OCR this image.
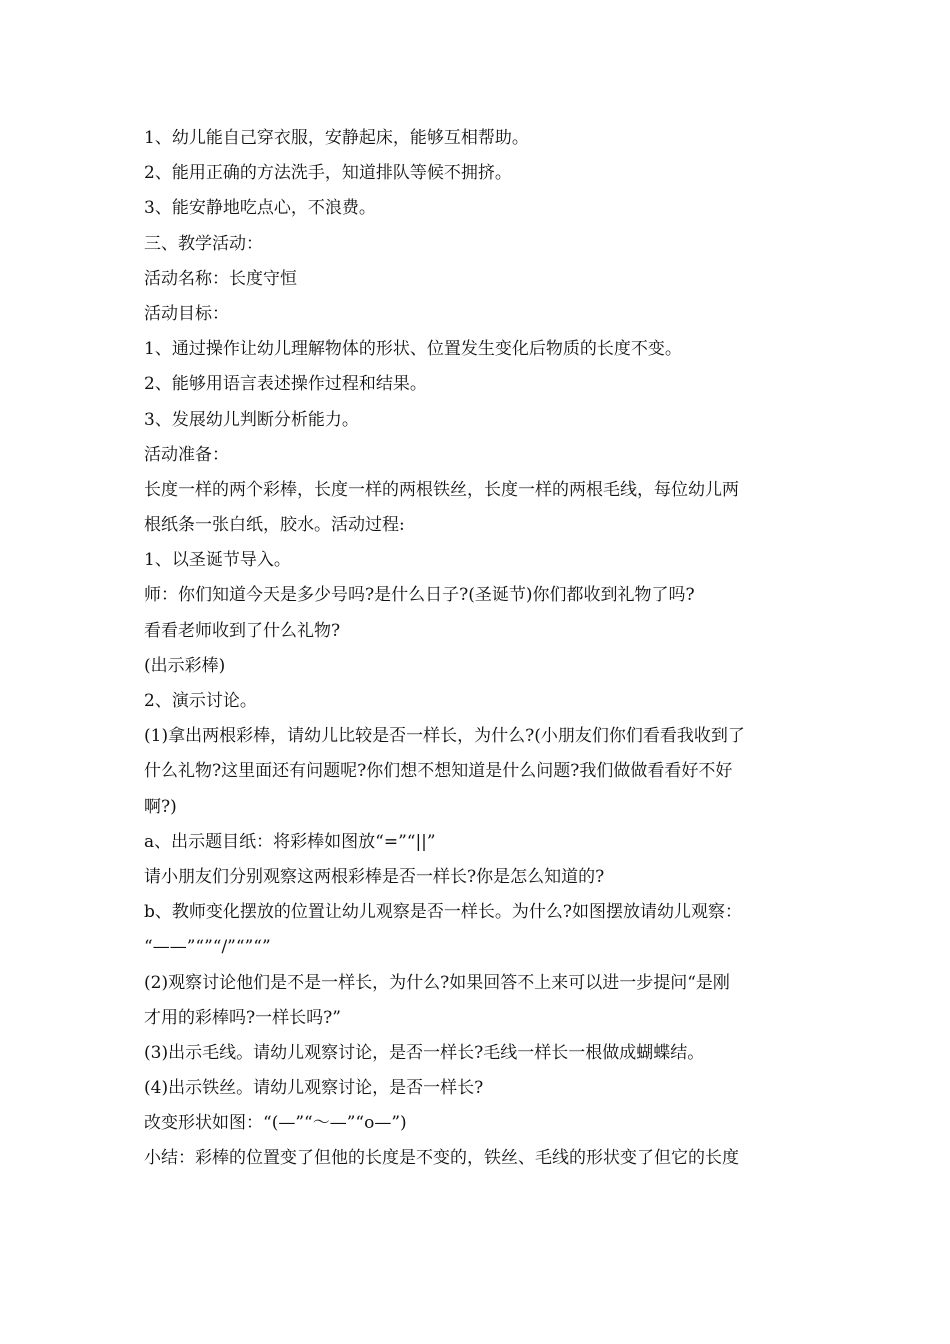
1、幼儿能自己穿衣服，安静起床，能够互相帮助。
2、能用正确的方法洗手，知道排队等候不拥挤。
3、能安静地吃点心，不浪费。
三、教学活动：
活动名称：长度守恒
活动目标：
1、通过操作让幼儿理解物体的形状、位置发生变化后物质的长度不变。
2、能够用语言表述操作过程和结果。
3、发展幼儿判断分析能力。
活动准备：
长度一样的两个彩棒，长度一样的两根铁丝，长度一样的两根毛线，每位幼儿两
根纸条一张白纸，胶水。活动过程:
1、以圣诞节导入。
师：你们知道今天是多少号吗?是什么日子?(圣诞节)你们都收到礼物了吗?
看看老师收到了什么礼物?
(出示彩棒)
2、演示讨论。
(1)拿出两根彩棒，请幼儿比较是否一样长，为什么?(小朋友们你们看看我收到了
什么礼物?这里面还有问题呢?你们想不想知道是什么问题?我们做做看看好不好
啊?)
a、出示题目纸：将彩棒如图放“=”“||”
请小朋友们分别观察这两根彩棒是否一样长?你是怎么知道的?
b、教师变化摆放的位置让幼儿观察是否一样长。为什么?如图摆放请幼儿观察：
“——”“”“/”“”“”
(2)观察讨论他们是不是一样长，为什么?如果回答不上来可以进一步提问“是刚
才用的彩棒吗?一样长吗?”
(3)出示毛线。请幼儿观察讨论，是否一样长?毛线一样长一根做成蝴蝶结。
(4)出示铁丝。请幼儿观察讨论，是否一样长?
改变形状如图：“(—”“～—”“o—”)
小结：彩棒的位置变了但他的长度是不变的，铁丝、毛线的形状变了但它的长度
